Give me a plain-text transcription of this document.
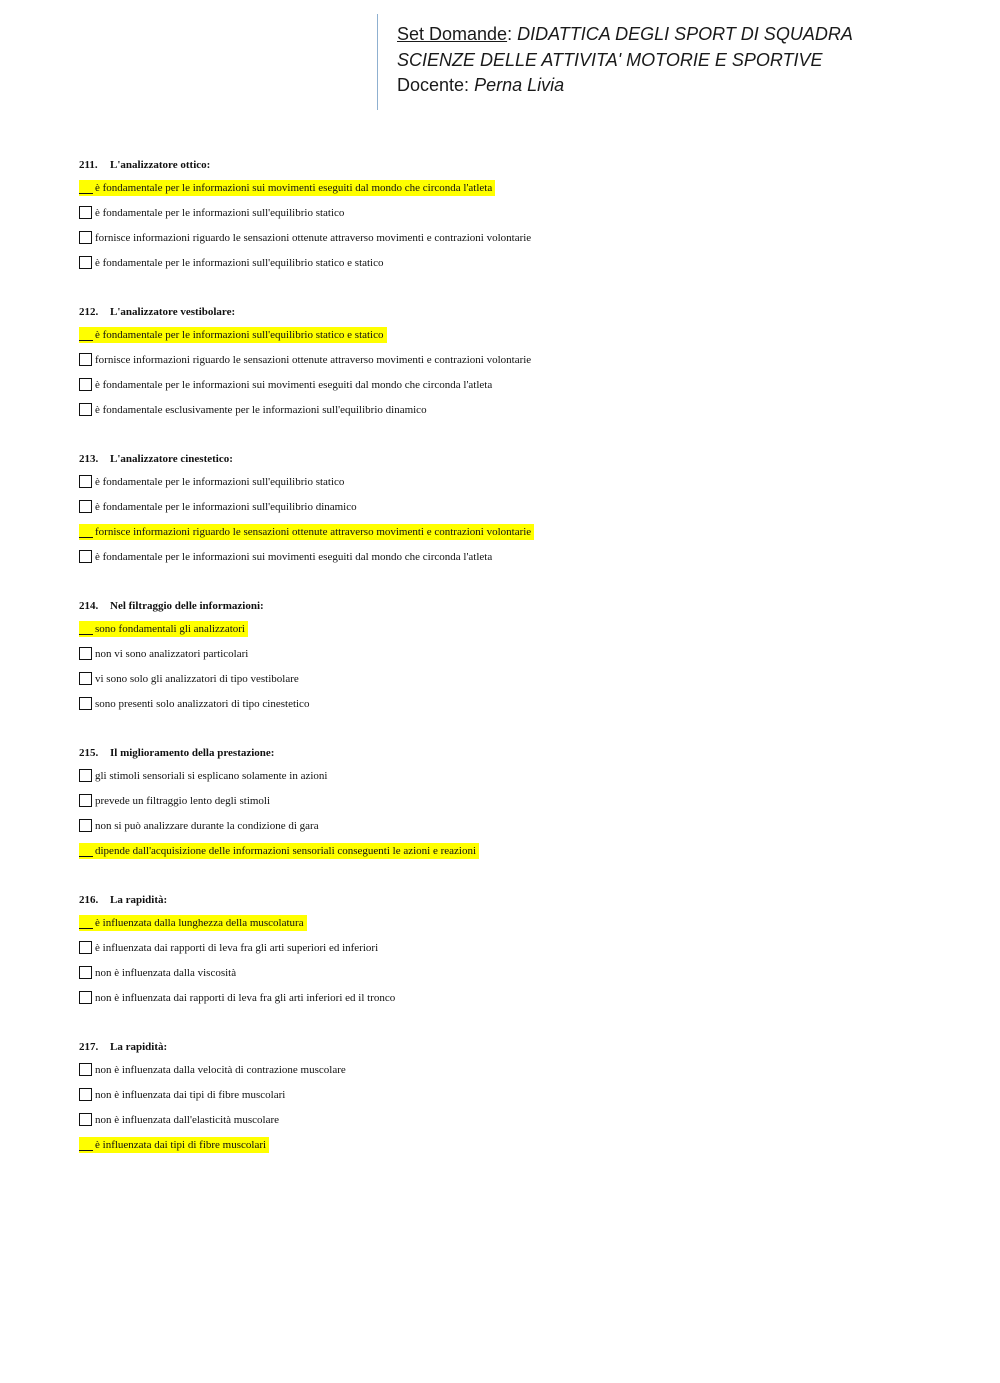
Set Domande: DIDATTICA DEGLI SPORT DI SQUADRA
SCIENZE DELLE ATTIVITA' MOTORIE E SPORTIVE
Docente: Perna Livia
211. L'analizzatore ottico:
è fondamentale per le informazioni sui movimenti eseguiti dal mondo che circonda l'atleta
è fondamentale per le informazioni sull'equilibrio statico
fornisce informazioni riguardo le sensazioni ottenute attraverso movimenti e contrazioni volontarie
è fondamentale per le informazioni sull'equilibrio statico e statico
212. L'analizzatore vestibolare:
è fondamentale per le informazioni sull'equilibrio statico e statico
fornisce informazioni riguardo le sensazioni ottenute attraverso movimenti e contrazioni volontarie
è fondamentale per le informazioni sui movimenti eseguiti dal mondo che circonda l'atleta
è fondamentale esclusivamente per le informazioni sull'equilibrio dinamico
213. L'analizzatore cinestetico:
è fondamentale per le informazioni sull'equilibrio statico
è fondamentale per le informazioni sull'equilibrio dinamico
fornisce informazioni riguardo le sensazioni ottenute attraverso movimenti e contrazioni volontarie
è fondamentale per le informazioni sui movimenti eseguiti dal mondo che circonda l'atleta
214. Nel filtraggio delle informazioni:
sono fondamentali gli analizzatori
non vi sono analizzatori particolari
vi sono solo gli analizzatori di tipo vestibolare
sono presenti solo analizzatori di tipo cinestetico
215. Il miglioramento della prestazione:
gli stimoli sensoriali si esplicano solamente in azioni
prevede un filtraggio lento degli stimoli
non si può analizzare durante la condizione di gara
dipende dall'acquisizione delle informazioni sensoriali conseguenti le azioni e reazioni
216. La rapidità:
è influenzata dalla lunghezza della muscolatura
è influenzata dai rapporti di leva fra gli arti superiori ed inferiori
non è influenzata dalla viscosità
non è influenzata dai rapporti di leva fra gli arti inferiori ed il tronco
217. La rapidità:
non è influenzata dalla velocità di contrazione muscolare
non è influenzata dai tipi di fibre muscolari
non è influenzata dall'elasticità muscolare
è influenzata dai tipi di fibre muscolari
